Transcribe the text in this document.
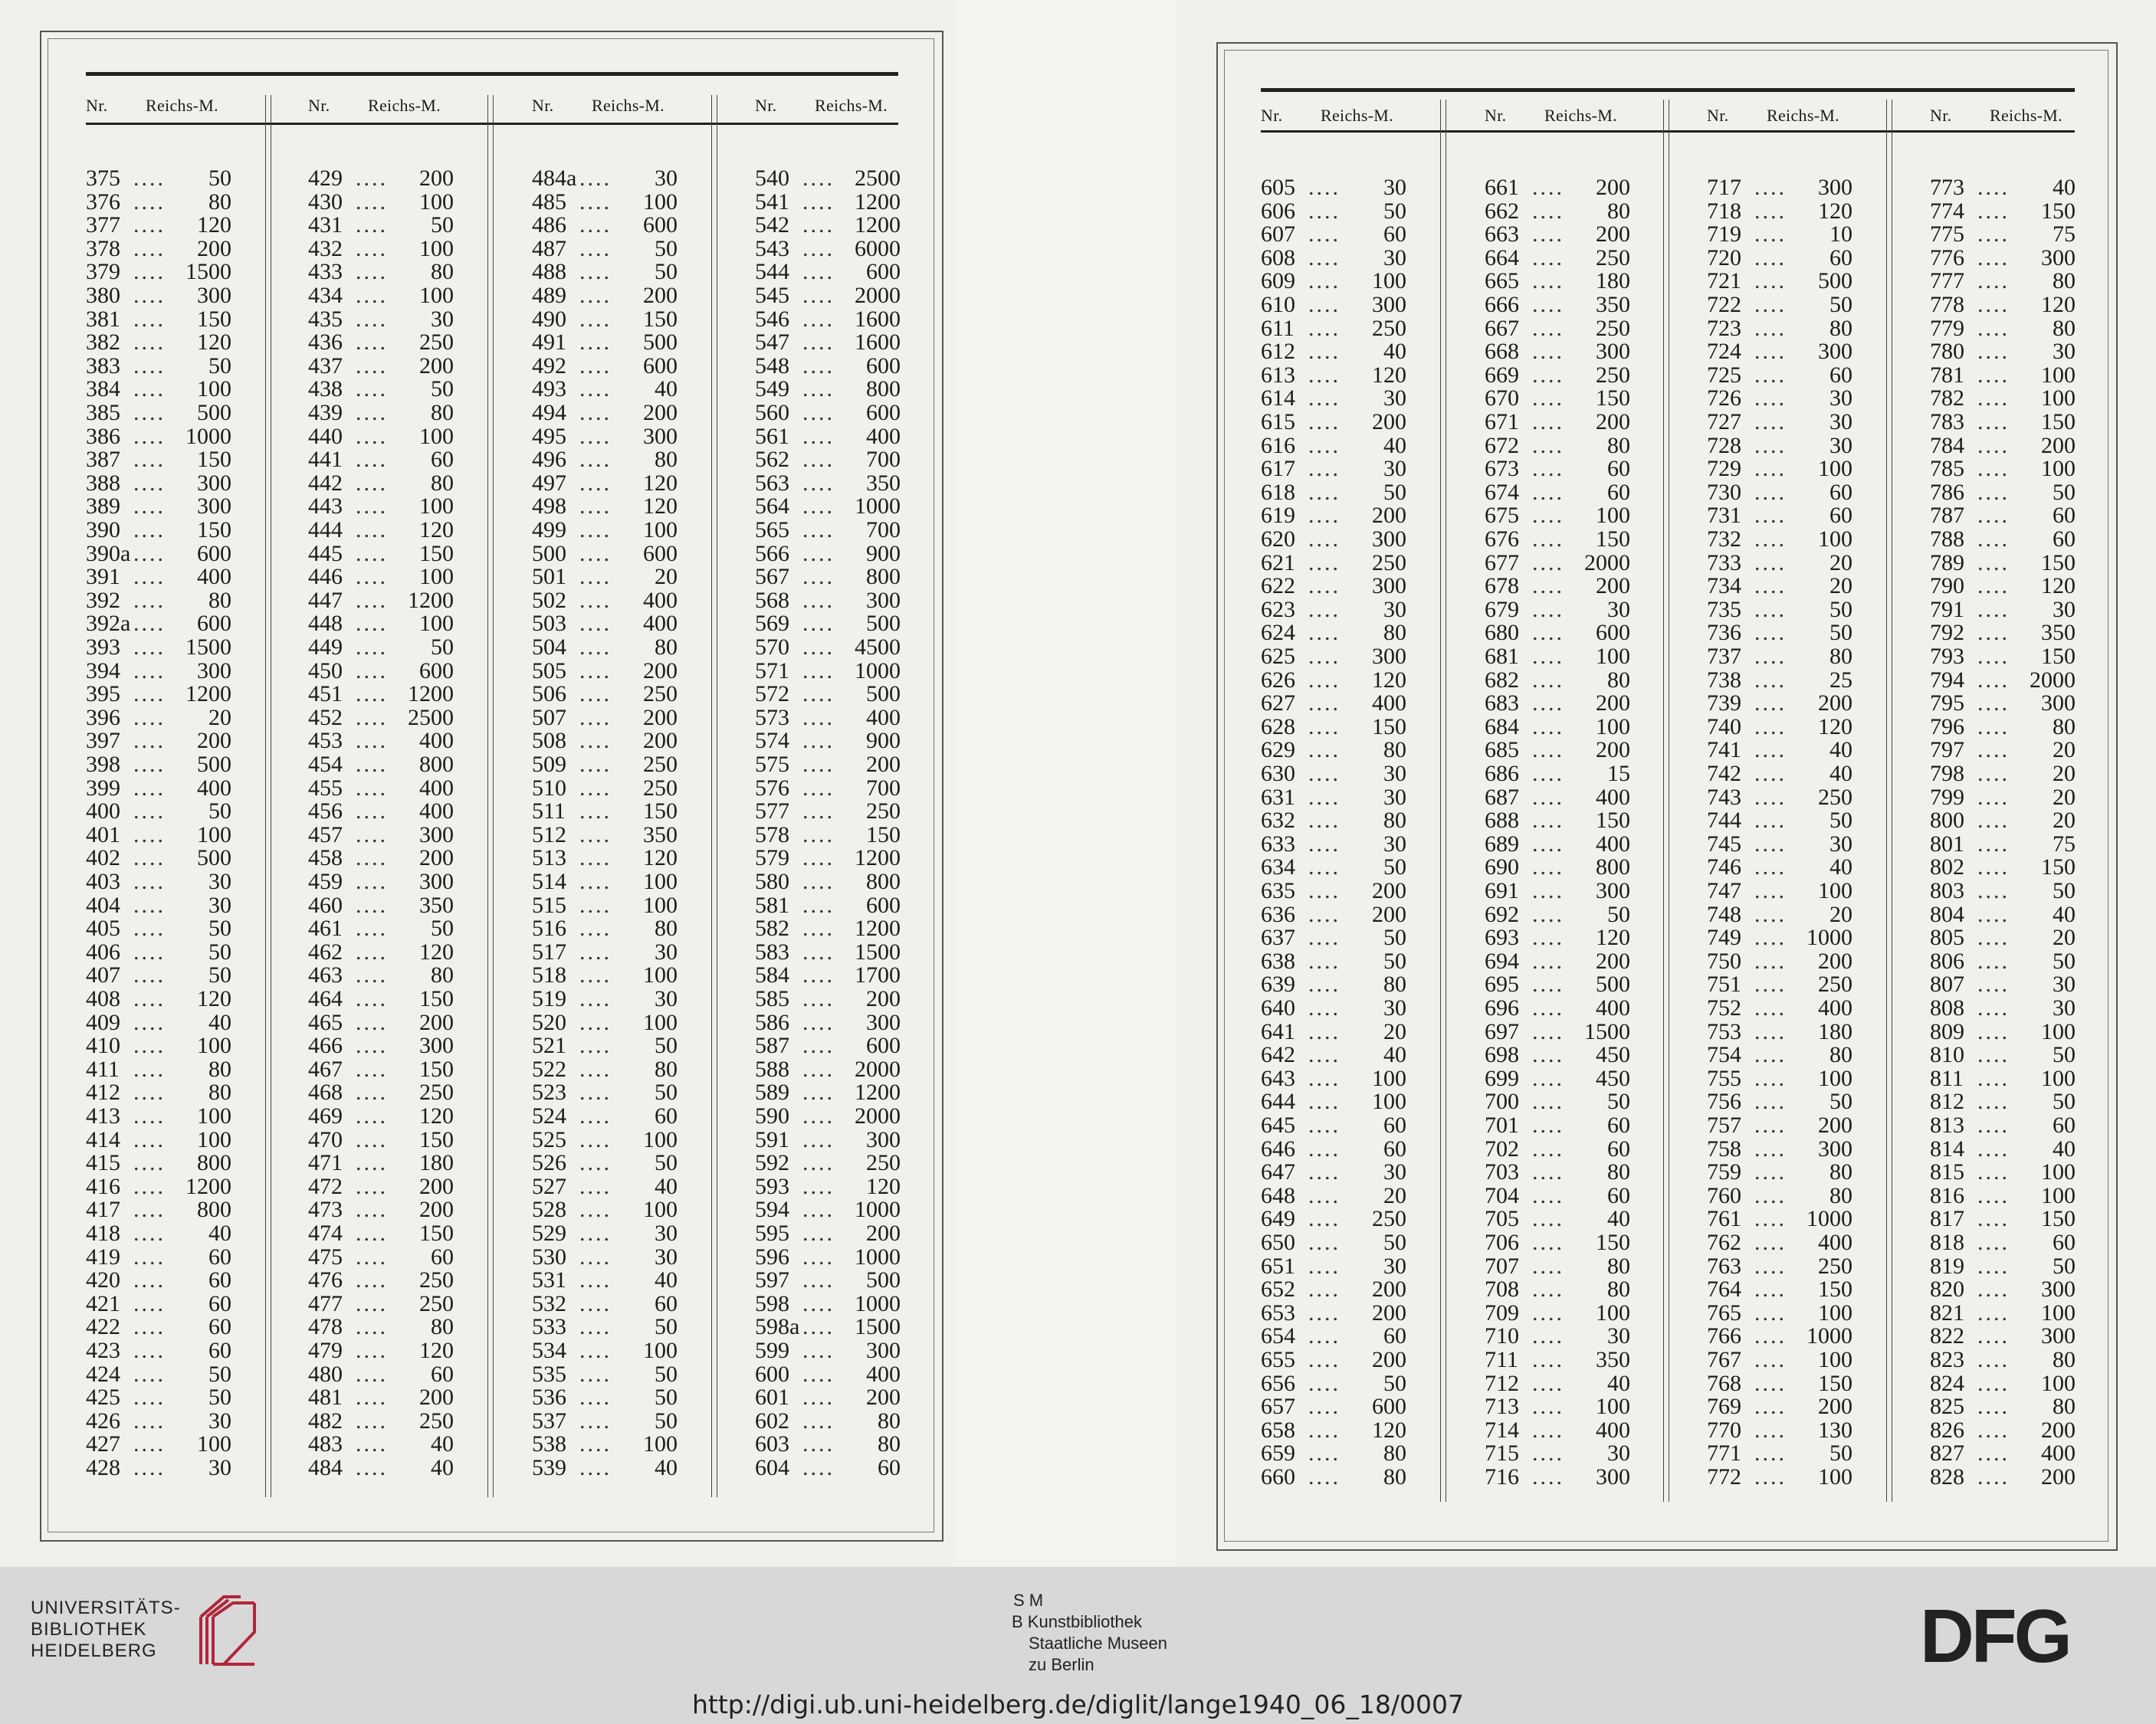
Nr. Reichs-M.
375 ....	50
376 ....	80
377 ....	120
378 ....	200
379 .... 1500
380 ....	300
381 ....	150
382 ....	120
383 ....	50
384 ....	100
385 ....	500
386 .... 1000
387 ....	150
388 ....	300
389 ....	300
390 ....	150
390a ....	600
391 ....	400
392 ....	80
392a ....	600
393 .... 1500
394 ....	300
395 .... 1200
396 ....	20
397 ....	200
398 ....	500
399 ....	400
400 ....	50
401 ....	100
402 ....	500
403 ....	30
404 ....	30
405 ....	50
406 ....	50
407 ....	50
408 ....	120
409 ....	40
410 ....	100
411 ....	80
412 ....	80
413 ....	100
414 ....	100
415 ....	800
416 .... 1200
417 ....	800
418 ....	40
419 ....	60
420 ....	60
421 ....	60
422 ....	60
423 ....	60
424 ....	50
425 ....	50
426 ....	30
427 ....	100
428 ....	30
Nr. Reichs-M.
429 ....	200
430 ....	100
431 ....	50
432 ....	100
433 ....	80
434 ....	100
435 ....	30
436 ....	250
437 ....	200
438 ....	50
439 ....	80
440 ....	100
441 ....	60
442 ....	80
443 ....	100
444 ....	120
445 ....	150
446 ....	100
447 .... 1200
448 ....	100
449 ....	50
450 ....	600
451 .... 1200
452 .... 2500
453 ....	400
454 ....	800
455 ....	400
456 ....	400
457 ....	300
458 ....	200
459 ....	300
460 ....	350
461 ....	50
462 ....	120
463 ....	80
464 ....	150
465 ....	200
466 ....	300
467 ....	150
468 ....	250
469 ....	120
470 ....	150
471 ....	180
472 ....	200
473 ....	200
474 ....	150
475 ....	60
476 ....	250
477 ....	250
478 ....	80
479 ....	120
480 ....	60
481 ....	200
482 ....	250
483 ....	40
484 ....	40
Nr. Reichs-M.
484a ....	30
485 ....	100
486 ....	600
487 ....	50
488 ....	50
489 ....	200
490 ....	150
491 ....	500
492 ....	600
493 ....	40
494 ....	200
495 ....	300
496 ....	80
497 ....	120
498 ....	120
499 ....	100
500 ....	600
501 ....	20
502 ....	400
503 ....	400
504 ....	80
505 ....	200
506 ....	250
507 ....	200
508 ....	200
509 ....	250
510 ....	250
511 ....	150
512 ....	350
513 ....	120
514 ....	100
515 ....	100
516 ....	80
517 ....	30
518 ....	100
519 ....	30
520 ....	100
521 ....	50
522 ....	80
523 ....	50
524 ....	60
525 ....	100
526 ....	50
527 ....	40
528 ....	100
529 ....	30
530 ....	30
531 ....	40
532 ....	60
533 ....	50
534 ....	100
535 ....	50
536 ....	50
537 ....	50
538 ....	100
539 ....	40
Nr. Reichs-M.
540 .... 2500
541 .... 1200
542 .... 1200
543 .... 6000
544 ....	600
545 .... 2000
546 .... 1600
547 .... 1600
548 ....	600
549 ....	800
560 ....	600
561 ....	400
562 ....	700
563 ....	350
564 .... 1000
565 ....	700
566 ....	900
567 ....	800
568 ....	300
569 ....	500
570 .... 4500
571 .... 1000
572 ....	500
573 ....	400
574 ....	900
575 ....	200
576 ....	700
577 ....	250
578 ....	150
579 .... 1200
580 ....	800
581 ....	600
582 .... 1200
583 .... 1500
584 .... 1700
585 ....	200
586 ....	300
587 ....	600
588 .... 2000
589 .... 1200
590 .... 2000
591 ....	300
592 ....	250
593 ....	120
594 .... 1000
595 ....	200
596 .... 1000
597 ....	500
598 .... 1000
598a .... 1500
599 ....	300
600 ....	400
601 ....	200
602 ....	80
603 ....	80
604 ....	60
Nr. Reichs-M.
605 ....	30
606 ....	50
607 ....	60
608 ....	30
609 ....	100
610 ....	300
611 ....	250
612 ....	40
613 ....	120
614 ....	30
615 ....	200
616 ....	40
617 ....	30
618 ....	50
619 ....	200
620 ....	300
621 ....	250
622 ....	300
623 ....	30
624 ....	80
625 ....	300
626 ....	120
627 ....	400
628 ....	150
629 ....	80
630 ....	30
631 ....	30
632 ....	80
633 ....	30
634 ....	50
635 ....	200
636 ....	200
637 ....	50
638 ....	50
639 ....	80
640 ....	30
641 ....	20
642 ....	40
643 ....	100
644 ....	100
645 ....	60
646 ....	60
647 ....	30
648 ....	20
649 ....	250
650 ....	50
651 ....	30
652 ....	200
653 ....	200
654 ....	60
655 ....	200
656 ....	50
657 ....	600
658 ....	120
659 ....	80
660 ....	80
Nr. Reichs-M.
661 ....	200
662 ....	80
663 ....	200
664 ....	250
665 ....	180
666 ....	350
667 ....	250
668 ....	300
669 ....	250
670 ....	150
671 ....	200
672 ....	80
673 ....	60
674 ....	60
675 ....	100
676 ....	150
677 .... 2000
678 ....	200
679 ....	30
680 ....	600
681 ....	100
682 ....	80
683 ....	200
684 ....	100
685 ....	200
686 ....	15
687 ....	400
688 ....	150
689 ....	400
690 ....	800
691 ....	300
692 ....	50
693 ....	120
694 ....	200
695 ....	500
696 ....	400
697 .... 1500
698 ....	450
699 ....	450
700 ....	50
701 ....	60
702 ....	60
703 ....	80
704 ....	60
705 ....	40
706 ....	150
707 ....	80
708 ....	80
709 ....	100
710 ....	30
711 ....	350
712 ....	40
713 ....	100
714 ....	400
715 ....	30
716 ....	300
Nr. Reichs-M.
717 ....	300
718 ....	120
719 ....	10
720 ....	60
721 ....	500
722 ....	50
723 ....	80
724 ....	300
725 ....	60
726 ....	30
727 ....	30
728 ....	30
729 ....	100
730 ....	60
731 ....	60
732 ....	100
733 ....	20
734 ....	20
735 ....	50
736 ....	50
737 ....	80
738 ....	25
739 ....	200
740 ....	120
741 ....	40
742 ....	40
743 ....	250
744 ....	50
745 ....	30
746 ....	40
747 ....	100
748 ....	20
749 .... 1000
750 ....	200
751 ....	250
752 ....	400
753 ....	180
754 ....	80
755 ....	100
756 ....	50
757 ....	200
758 ....	300
759 ....	80
760 ....	80
761 .... 1000
762 ....	400
763 ....	250
764 ....	150
765 ....	100
766 .... 1000
767 ....	100
768 ....	150
769 ....	200
770 ....	130
771 ....	50
772 ....	100
Nr. Reichs-M.
773 ....	40
774 ....	150
775 ....	75
776 ....	300
777 ....	80
778 ....	120
779 ....	80
780 ....	30
781 ....	100
782 ....	100
783 ....	150
784 ....	200
785 ....	100
786 ....	50
787 ....	60
788 ....	60
789 ....	150
790 ....	120
791 ....	30
792 ....	350
793 ....	150
794 .... 2000
795 ....	300
796 ....	80
797 ....	20
798 ....	20
799 ....	20
800 ....	20
801 ....	75
802 ....	150
803 ....	50
804 ....	40
805 ....	20
806 ....	50
807 ....	30
808 ....	30
809 ....	100
810 ....	50
811 ....	100
812 ....	50
813 ....	60
814 ....	40
815 ....	100
816 ....	100
817 ....	150
818 ....	60
819 ....	50
820 ....	300
821 ....	100
822 ....	300
823 ....	80
824 ....	100
825 ....	80
826 ....	200
827 ....	400
828 ....	200
UNIVERSITÄTS-
BIBLIOTHEK
HEIDELBERG
S M
B Kunstbibliothek
Staatliche Museen
zu Berlin	DFG
http://digi.ub.uni-heidelberg.de/diglit/lange1940_06_18/0007
